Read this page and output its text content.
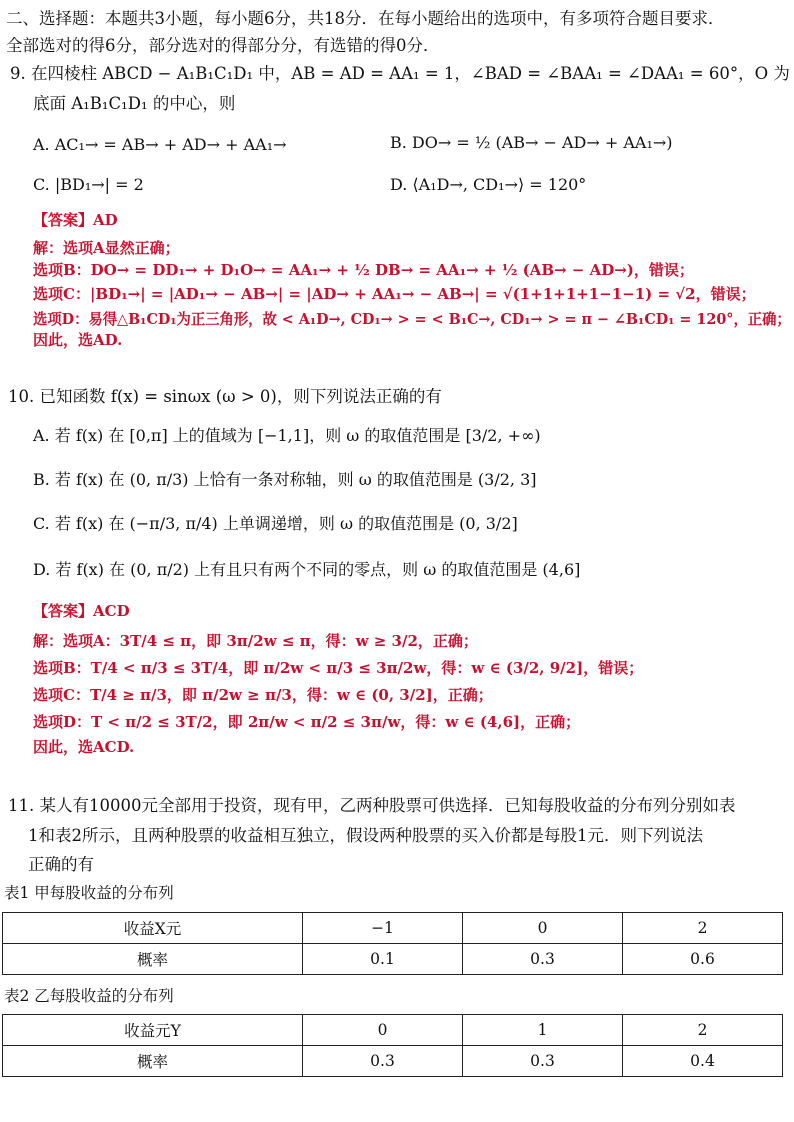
二、选择题：本题共3小题，每小题6分，共18分．在每小题给出的选项中，有多项符合题目要求．
全部选对的得6分，部分选对的得部分分，有选错的得0分．
9. 在四棱柱 ABCD − A₁B₁C₁D₁ 中，AB = AD = AA₁ = 1，∠BAD = ∠BAA₁ = ∠DAA₁ = 60°，O 为
底面 A₁B₁C₁D₁ 的中心，则
A. AC₁→ = AB→ + AD→ + AA₁→	B. DO→ = ½ (AB→ − AD→ + AA₁→)
C. |BD₁→| = 2	D. ⟨A₁D→, CD₁→⟩ = 120°
【答案】AD
解：选项A显然正确；
选项B：DO→ = DD₁→ + D₁O→ = AA₁→ + ½ DB→ = AA₁→ + ½ (AB→ − AD→)，错误；
选项C：|BD₁→| = |AD₁→ − AB→| = |AD→ + AA₁→ − AB→| = √(1+1+1+1−1−1) = √2，错误；
选项D：易得△B₁CD₁为正三角形，故 < A₁D→, CD₁→ > = < B₁C→, CD₁→ > = π − ∠B₁CD₁ = 120°，正确；
因此，选AD.
10. 已知函数 f(x) = sinωx (ω > 0)，则下列说法正确的有
A. 若 f(x) 在 [0,π] 上的值域为 [−1,1]，则 ω 的取值范围是 [3/2, +∞)
B. 若 f(x) 在 (0, π/3) 上恰有一条对称轴，则 ω 的取值范围是 (3/2, 3]
C. 若 f(x) 在 (−π/3, π/4) 上单调递增，则 ω 的取值范围是 (0, 3/2]
D. 若 f(x) 在 (0, π/2) 上有且只有两个不同的零点，则 ω 的取值范围是 (4,6]
【答案】ACD
解：选项A：3T/4 ≤ π，即 3π/2w ≤ π，得：w ≥ 3/2，正确；
选项B：T/4 < π/3 ≤ 3T/4，即 π/2w < π/3 ≤ 3π/2w，得：w ∈ (3/2, 9/2]，错误；
选项C：T/4 ≥ π/3，即 π/2w ≥ π/3，得：w ∈ (0, 3/2]，正确；
选项D：T < π/2 ≤ 3T/2，即 2π/w < π/2 ≤ 3π/w，得：w ∈ (4,6]，正确；
因此，选ACD.
11. 某人有10000元全部用于投资，现有甲，乙两种股票可供选择．已知每股收益的分布列分别如表
1和表2所示，且两种股票的收益相互独立，假设两种股票的买入价都是每股1元．则下列说法
正确的有
表1 甲每股收益的分布列
收益X元	−1	0	2
概率	0.1	0.3	0.6
表2 乙每股收益的分布列
收益元Y	0	1	2
概率	0.3	0.3	0.4
